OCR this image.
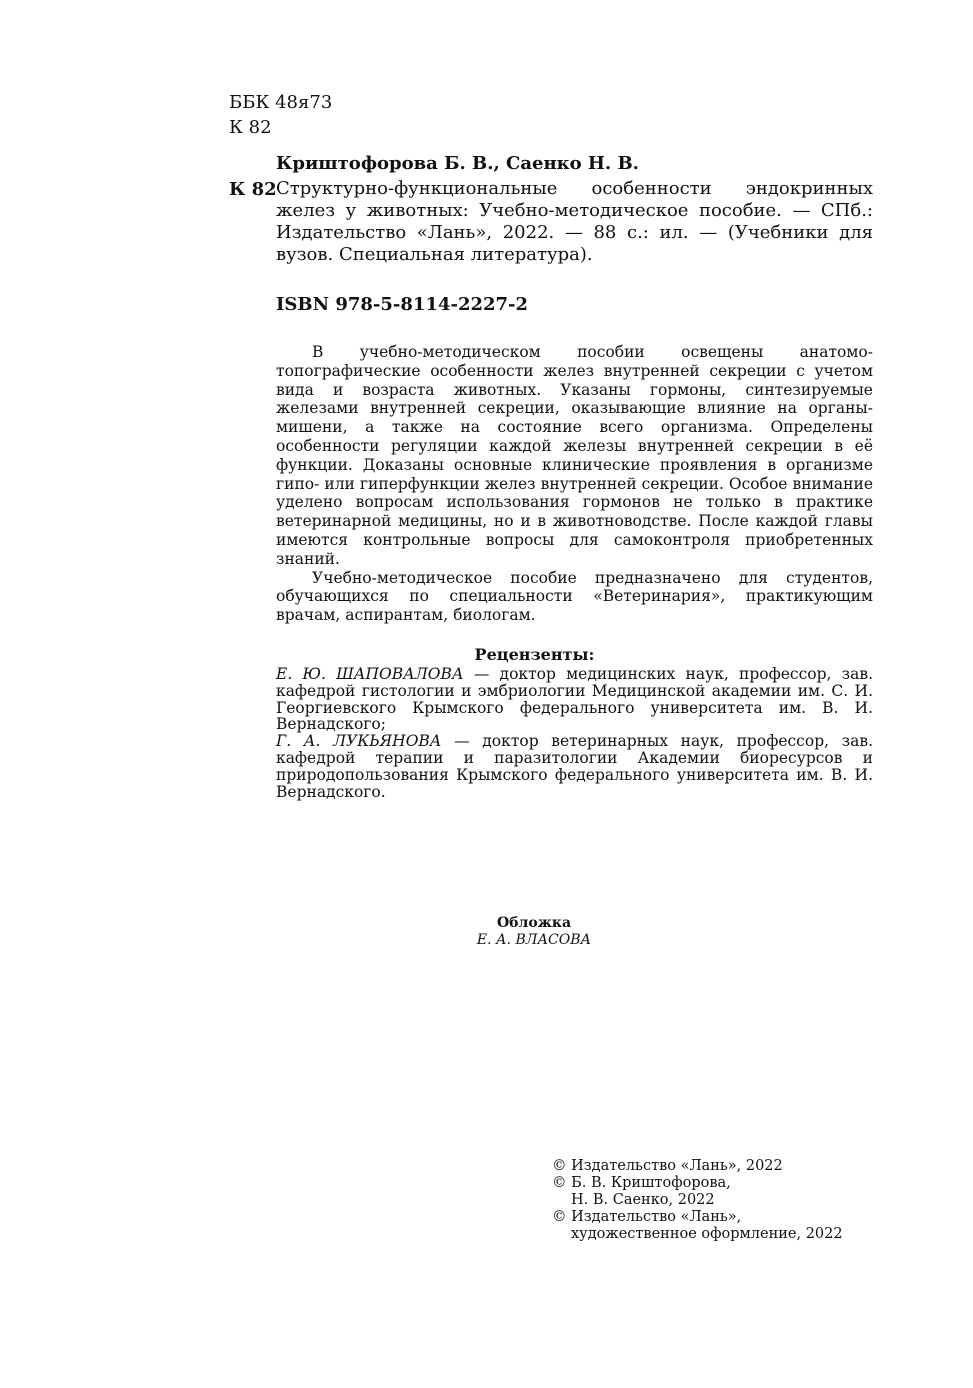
ББК 48я73
К 82
Криштофорова Б. В., Саенко Н. В.
К 82 Структурно-функциональные особенности эндокринных желез у животных: Учебно-методическое пособие. — СПб.: Издательство «Лань», 2022. — 88 с.: ил. — (Учебники для вузов. Специальная литература).
ISBN 978-5-8114-2227-2

В учебно-методическом пособии освещены анатомо-топографические особенности желез внутренней секреции с учетом вида и возраста животных. Указаны гормоны, синтезируемые железами внутренней секреции, оказывающие влияние на органы-мишени, а также на состояние всего организма. Определены особенности регуляции каждой железы внутренней секреции в её функции. Доказаны основные клинические проявления в организме гипо- или гиперфункции желез внутренней секреции. Особое внимание уделено вопросам использования гормонов не только в практике ветеринарной медицины, но и в животноводстве. После каждой главы имеются контрольные вопросы для самоконтроля приобретенных знаний.

Учебно-методическое пособие предназначено для студентов, обучающихся по специальности «Ветеринария», практикующим врачам, аспирантам, биологам.

Рецензенты:

Е. Ю. ШАПОВАЛОВА — доктор медицинских наук, профессор, зав. кафедрой гистологии и эмбриологии Медицинской академии им. С. И. Георгиевского Крымского федерального университета им. В. И. Вернадского;

Г. А. ЛУКЬЯНОВА — доктор ветеринарных наук, профессор, зав. кафедрой терапии и паразитологии Академии биоресурсов и природопользования Крымского федерального университета им. В. И. Вернадского.

Обложка
Е. А. ВЛАСОВА
© Издательство «Лань», 2022
© Б. В. Криштофорова,
Н. В. Саенко, 2022
© Издательство «Лань»,
художественное оформление, 2022
